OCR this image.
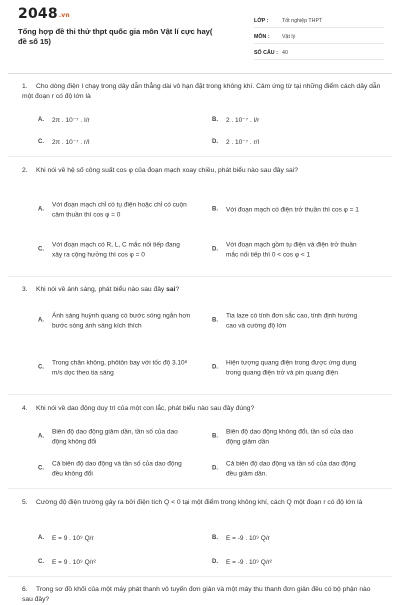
2048.vn
Tổng hợp đề thi thử thpt quốc gia môn Vật lí cực hay( đề số 15)
LỚP :	Tốt nghiệp THPT
MÔN :	Vật lý
SỐ CÂU : 40
1. Cho dòng điện I chạy trong dây dẫn thẳng dài vô hạn đặt trong không khí. Cảm ứng từ tại những điểm cách dây dẫn một đoạn r có độ lớn là
A. 2π . 10⁻⁷ . I/r	B. 2 . 10⁻⁷ . I/r
C. 2π . 10⁻⁷ . r/I	D. 2 . 10⁻⁷ . r/I
2. Khi nói về hệ số công suất cos φ của đoạn mạch xoay chiều, phát biểu nào sau đây sai?
A.
Với đoạn mạch chỉ có tụ điện hoặc chỉ có cuộn cảm thuần thì cos φ = 0
B. Với đoạn mạch có điện trở thuần thì cos φ = 1
C.
Với đoạn mạch có R, L, C mắc nối tiếp đang xảy ra cộng hưởng thì cos φ = 0
D.
Với đoạn mạch gồm tụ điện và điện trở thuần mắc nối tiếp thì 0 < cos φ < 1
3. Khi nói về ánh sáng, phát biểu nào sau đây sai?
A.
Ánh sáng huỳnh quang có bước sóng ngắn hơn bước sóng ánh sáng kích thích
B.
Tia laze có tính đơn sắc cao, tính định hướng cao và cường độ lớn
C.
Trong chân không, phôtôn bay với tốc độ 3.10⁸ m/s dọc theo tia sáng
D.
Hiện tượng quang điện trong được ứng dụng trong quang điện trở và pin quang điện
4. Khi nói về dao động duy trì của một con lắc, phát biểu nào sau đây đúng?
A.
Biên độ dao động giảm dần, tần số của dao động không đổi
B.
Biên độ dao động không đổi, tần số của dao động giảm dần
C.
Cả biên độ dao động và tần số của dao động đều không đổi
D.
Cả biên độ dao động và tần số của dao động đều giảm dần.
5. Cường độ điện trường gây ra bởi điện tích Q < 0 tại một điểm trong không khí, cách Q một đoạn r có độ lớn là
A. E = 9 . 10⁹ Q/r	B. E = -9 . 10⁹ Q/r
C. E = 9 . 10⁹ Q/r²	D. E = -9 . 10⁹ Q/r²
6. Trong sơ đồ khối của một máy phát thanh vô tuyến đơn giản và một máy thu thanh đơn giản đều có bộ phận nào sau đây?
